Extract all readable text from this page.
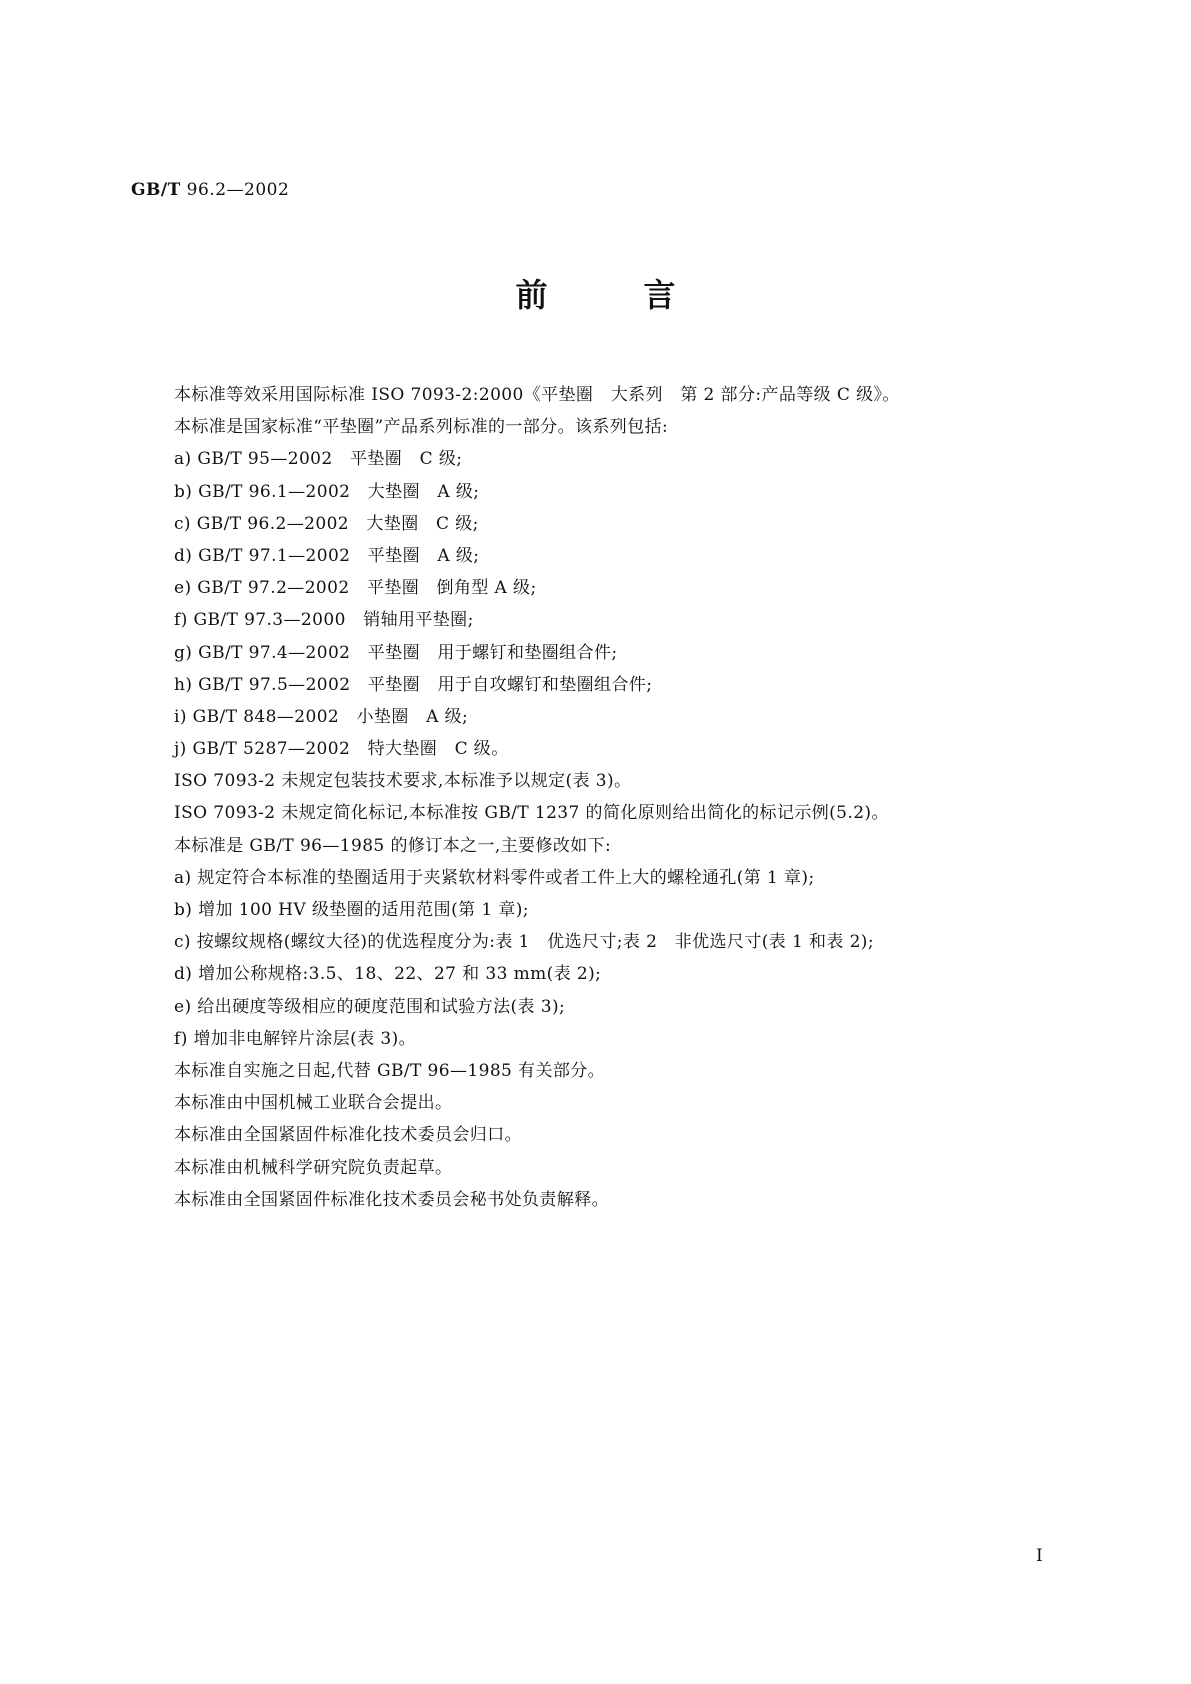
GB/T 96.2—2002
前	言
本标准等效采用国际标准 ISO 7093-2:2000《平垫圈　大系列　第 2 部分:产品等级 C 级》。
本标准是国家标准“平垫圈”产品系列标准的一部分。该系列包括:
a) GB/T 95—2002　平垫圈　C 级;
b) GB/T 96.1—2002　大垫圈　A 级;
c) GB/T 96.2—2002　大垫圈　C 级;
d) GB/T 97.1—2002　平垫圈　A 级;
e) GB/T 97.2—2002　平垫圈　倒角型 A 级;
f) GB/T 97.3—2000　销轴用平垫圈;
g) GB/T 97.4—2002　平垫圈　用于螺钉和垫圈组合件;
h) GB/T 97.5—2002　平垫圈　用于自攻螺钉和垫圈组合件;
i) GB/T 848—2002　小垫圈　A 级;
j) GB/T 5287—2002　特大垫圈　C 级。
ISO 7093-2 未规定包装技术要求,本标准予以规定(表 3)。
ISO 7093-2 未规定简化标记,本标准按 GB/T 1237 的简化原则给出简化的标记示例(5.2)。
本标准是 GB/T 96—1985 的修订本之一,主要修改如下:
a) 规定符合本标准的垫圈适用于夹紧软材料零件或者工件上大的螺栓通孔(第 1 章);
b) 增加 100 HV 级垫圈的适用范围(第 1 章);
c) 按螺纹规格(螺纹大径)的优选程度分为:表 1　优选尺寸;表 2　非优选尺寸(表 1 和表 2);
d) 增加公称规格:3.5、18、22、27 和 33 mm(表 2);
e) 给出硬度等级相应的硬度范围和试验方法(表 3);
f) 增加非电解锌片涂层(表 3)。
本标准自实施之日起,代替 GB/T 96—1985 有关部分。
本标准由中国机械工业联合会提出。
本标准由全国紧固件标准化技术委员会归口。
本标准由机械科学研究院负责起草。
本标准由全国紧固件标准化技术委员会秘书处负责解释。
I
